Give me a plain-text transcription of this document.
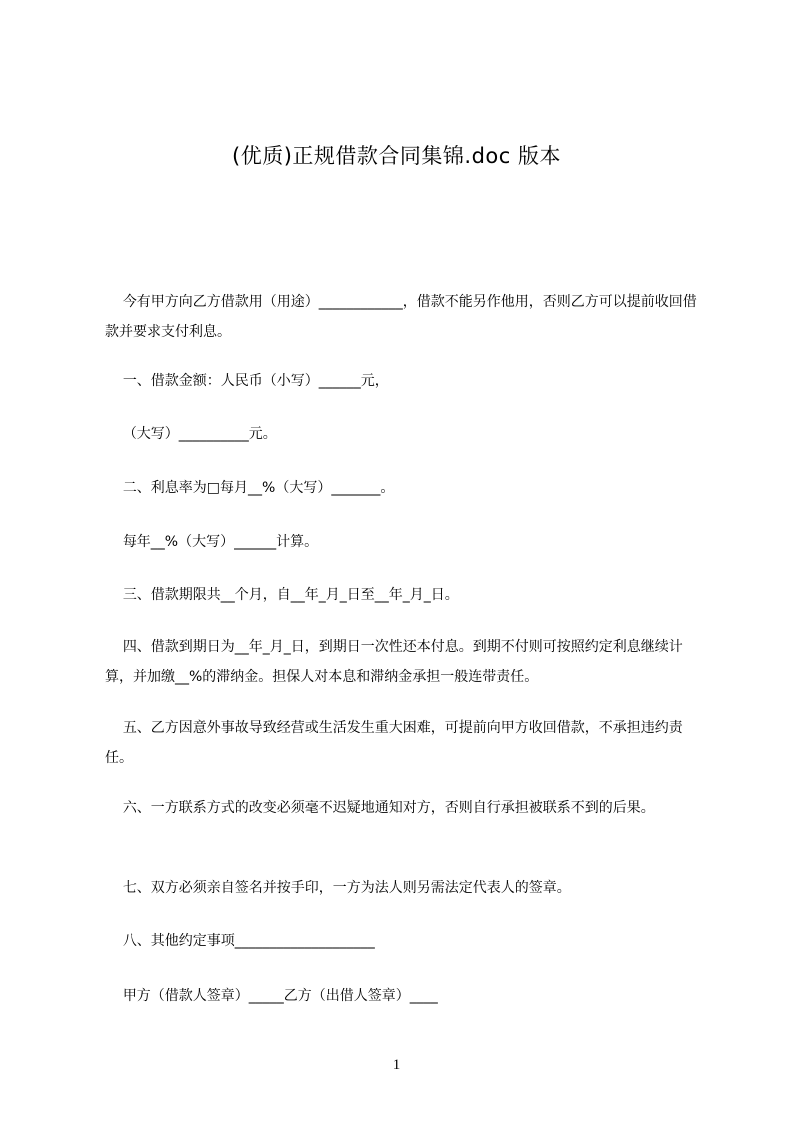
(优质)正规借款合同集锦.doc 版本

今有甲方向乙方借款用（用途）____________，借款不能另作他用，否则乙方可以提前收回借款并要求支付利息。

一、借款金额：人民币（小写）______元，

（大写）__________元。

二、利息率为□每月__%（大写）_______。

每年__%（大写）______计算。

三、借款期限共__个月，自__年_月_日至__年_月_日。

四、借款到期日为__年_月_日，到期日一次性还本付息。到期不付则可按照约定利息继续计算，并加缴__%的滞纳金。担保人对本息和滞纳金承担一般连带责任。

五、乙方因意外事故导致经营或生活发生重大困难，可提前向甲方收回借款，不承担违约责任。

六、一方联系方式的改变必须毫不迟疑地通知对方，否则自行承担被联系不到的后果。

七、双方必须亲自签名并按手印，一方为法人则另需法定代表人的签章。

八、其他约定事项____________________

甲方（借款人签章）_____乙方（出借人签章）____

1
